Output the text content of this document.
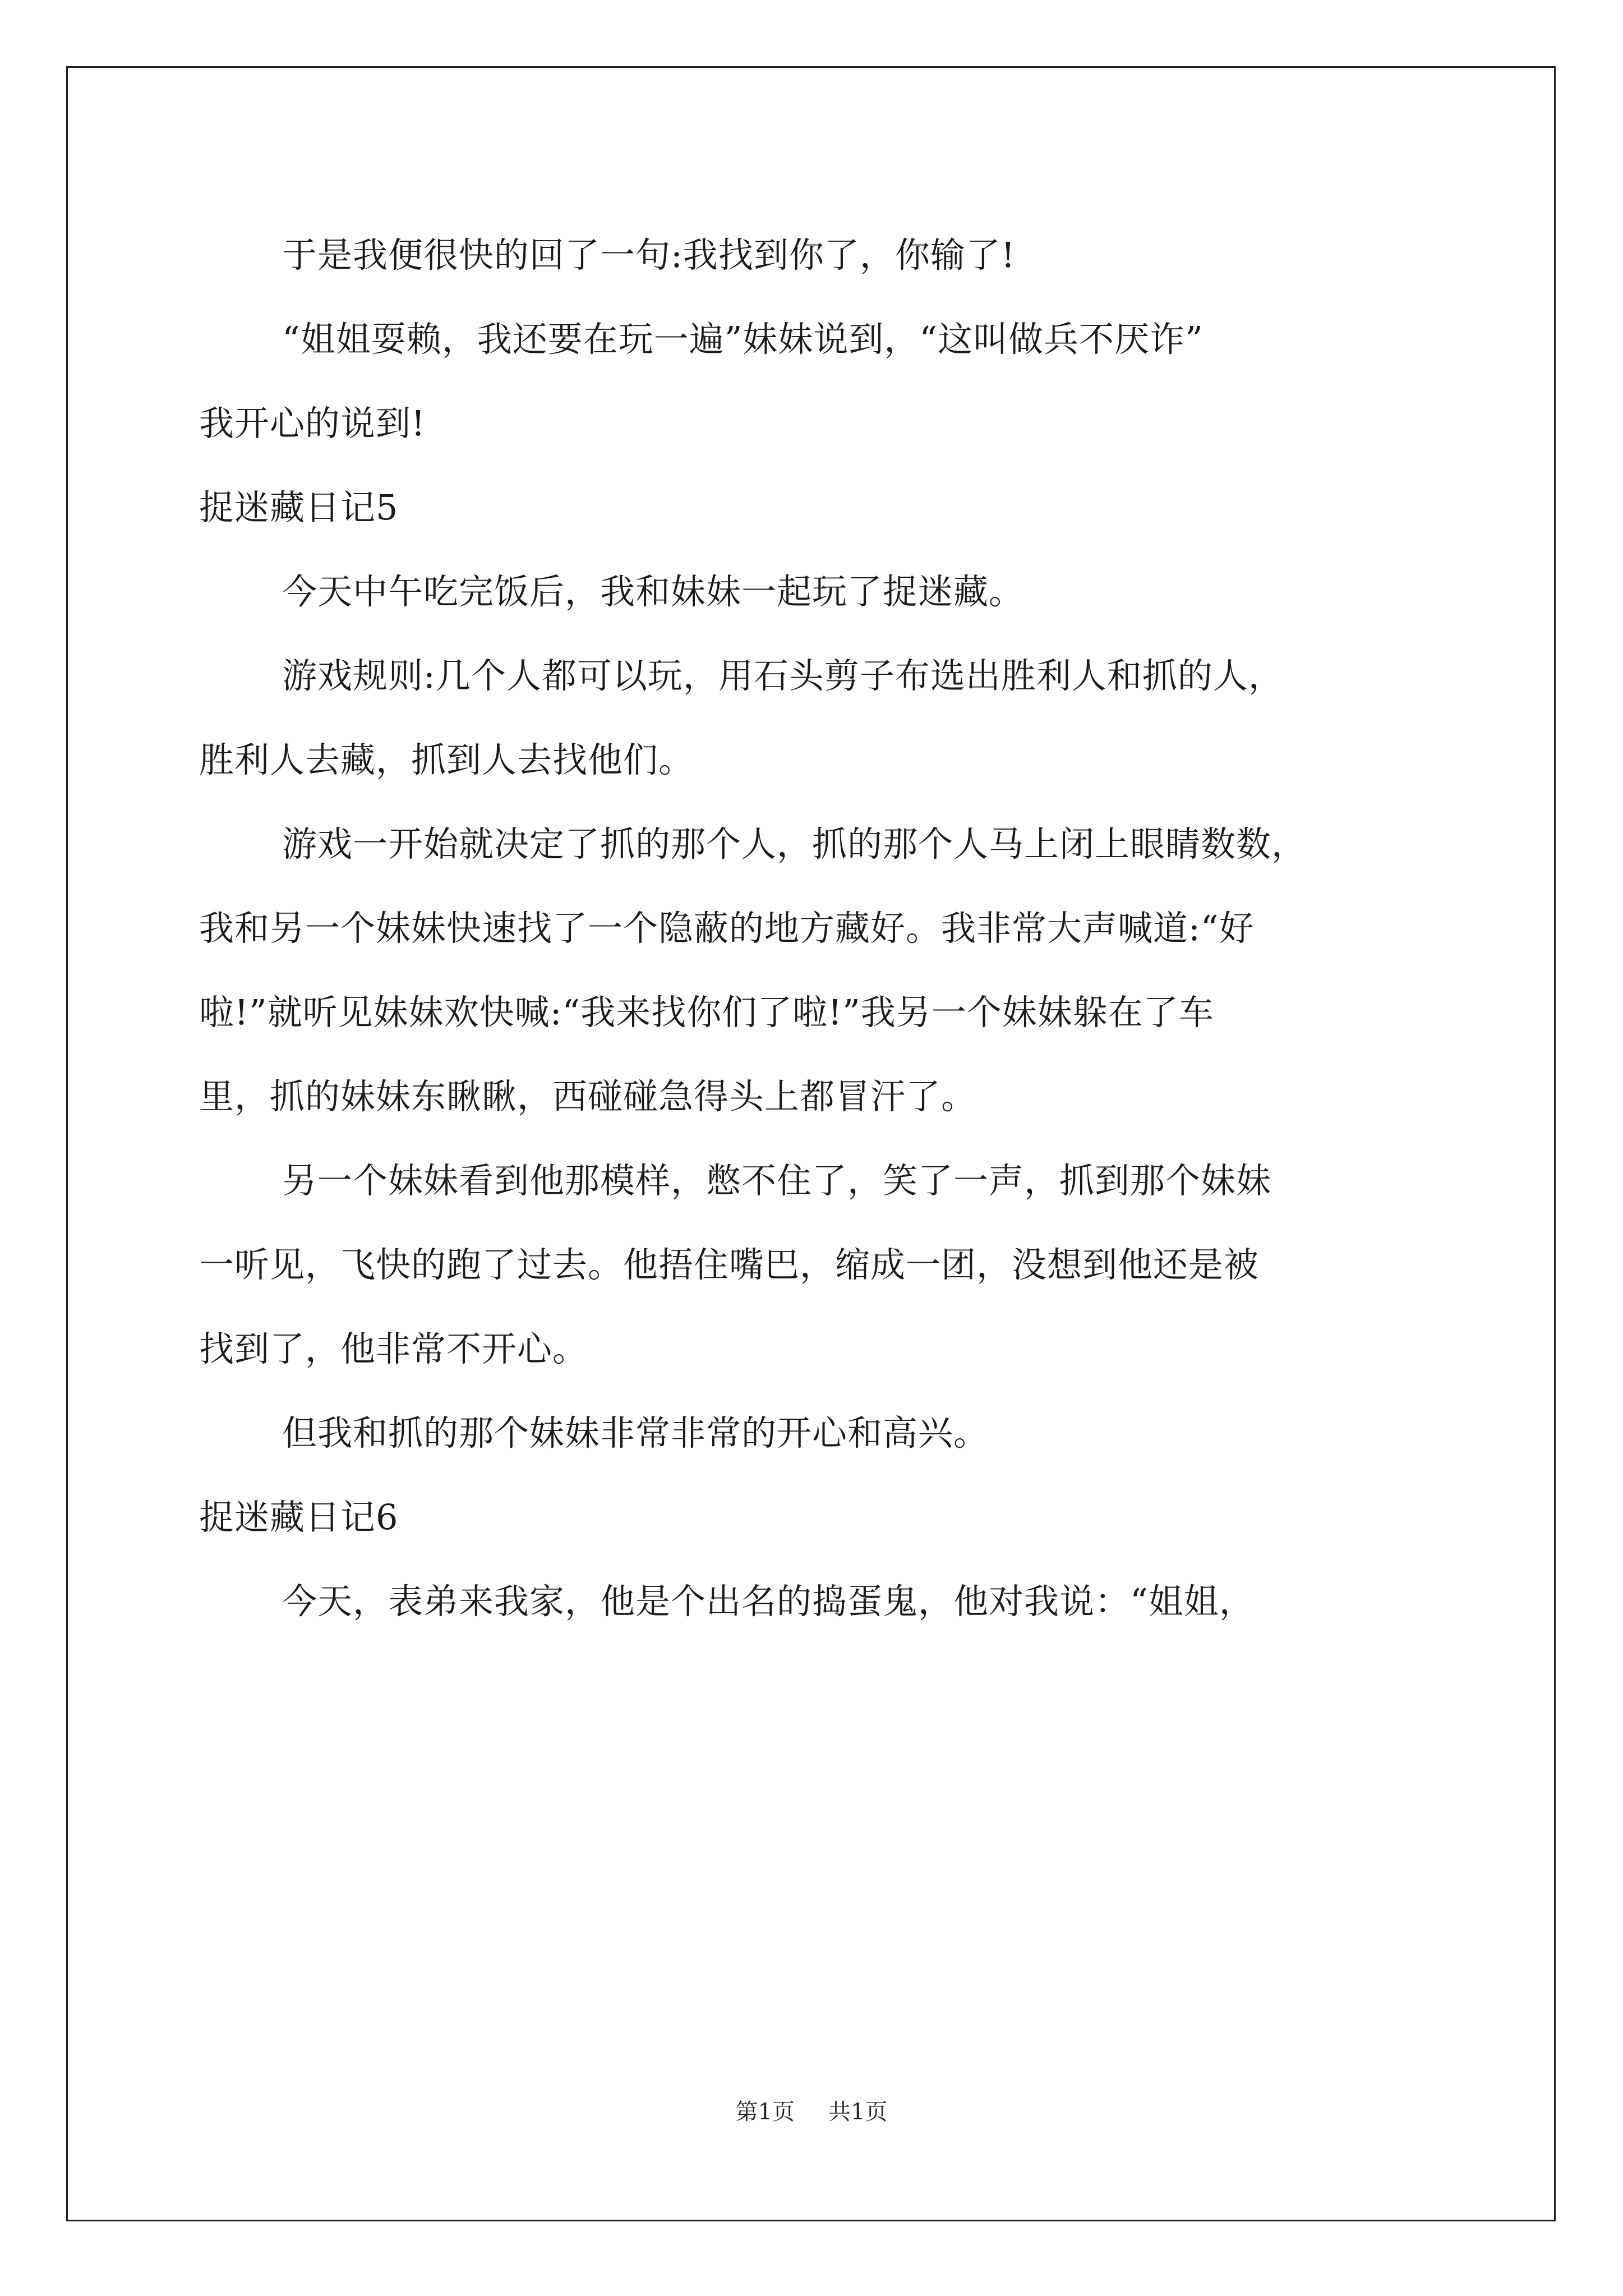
于是我便很快的回了一句:我找到你了，你输了!
“姐姐耍赖，我还要在玩一遍”妹妹说到，“这叫做兵不厌诈”
我开心的说到!
捉迷藏日记5
今天中午吃完饭后，我和妹妹一起玩了捉迷藏。
游戏规则:几个人都可以玩，用石头剪子布选出胜利人和抓的人，
胜利人去藏，抓到人去找他们。
游戏一开始就决定了抓的那个人，抓的那个人马上闭上眼睛数数，
我和另一个妹妹快速找了一个隐蔽的地方藏好。我非常大声喊道:“好
啦!”就听见妹妹欢快喊:“我来找你们了啦!”我另一个妹妹躲在了车
里，抓的妹妹东瞅瞅，西碰碰急得头上都冒汗了。
另一个妹妹看到他那模样，憋不住了，笑了一声，抓到那个妹妹
一听见，飞快的跑了过去。他捂住嘴巴，缩成一团，没想到他还是被
找到了，他非常不开心。
但我和抓的那个妹妹非常非常的开心和高兴。
捉迷藏日记6
今天，表弟来我家，他是个出名的捣蛋鬼，他对我说：“姐姐，
第1页 共1页
